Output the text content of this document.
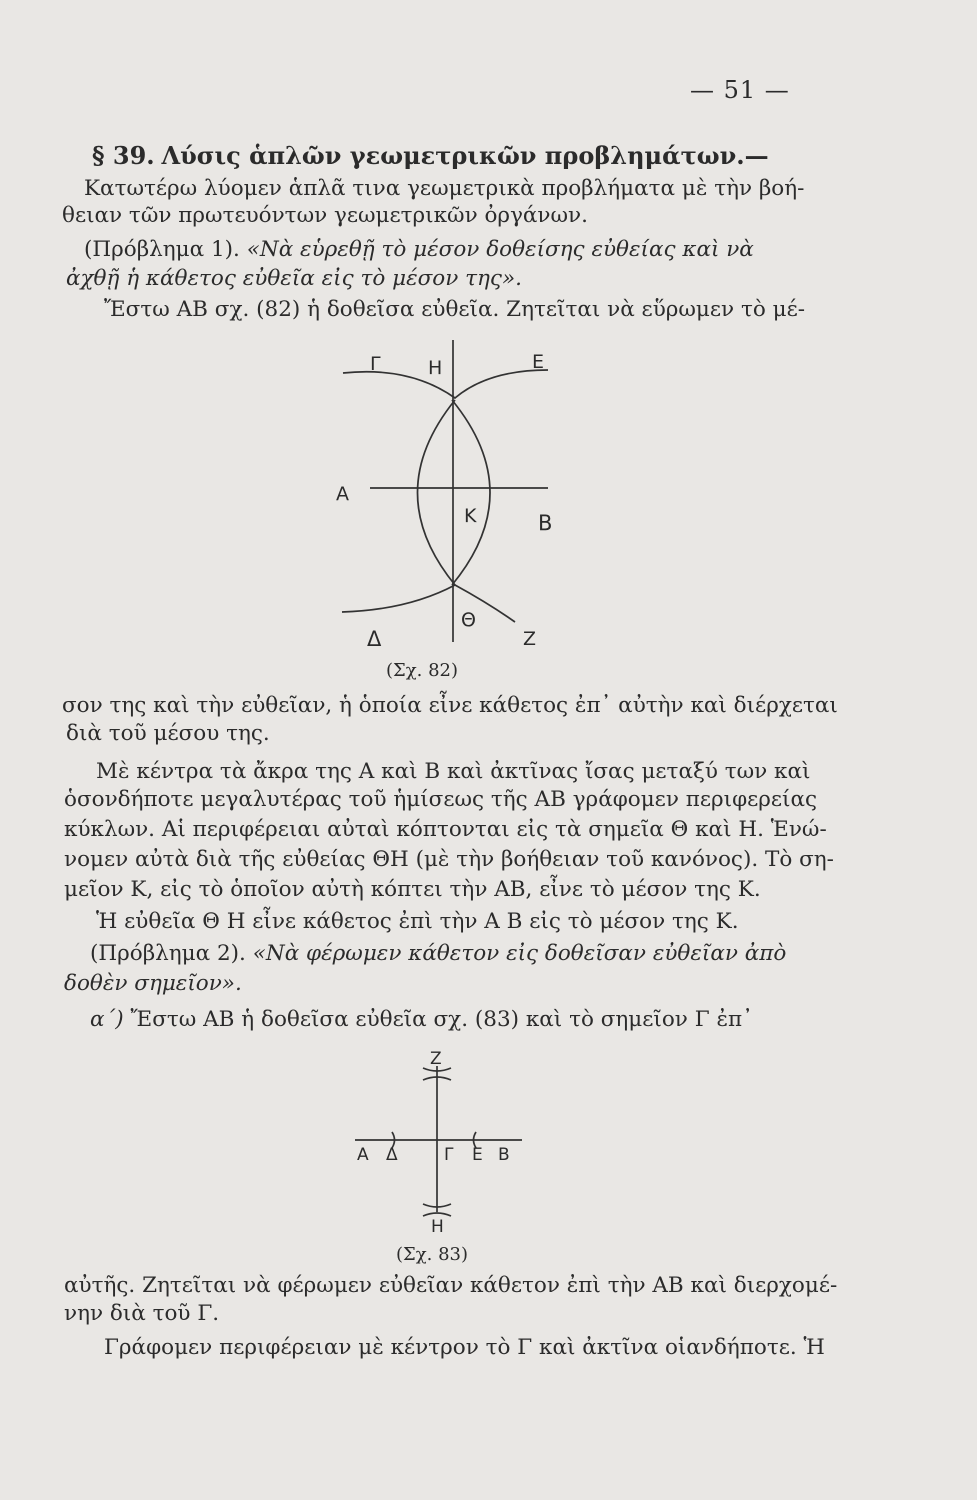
— 51 —
§ 39. Λύσις ἁπλῶν γεωμετρικῶν προβλημάτων.—
Κατωτέρω λύομεν ἁπλᾶ τινα γεωμετρικὰ προβλήματα μὲ τὴν βοή-
θειαν τῶν πρωτευόντων γεωμετρικῶν ὀργάνων.
(Πρόβλημα 1). «Νὰ εὑρεθῇ τὸ μέσον δοθείσης εὐθείας καὶ νὰ
ἀχθῇ ἡ κάθετος εὐθεῖα εἰς τὸ μέσον της».
Ἔστω ΑΒ σχ. (82) ἡ δοθεῖσα εὐθεῖα. Ζητεῖται νὰ εὕρωμεν τὸ μέ-
Γ Η	Ε
Α
Κ	Β
Δ
Θ
Ζ
Ζ
Α Δ	Γ Ε Β
Η
(Σχ. 82)
σον της καὶ τὴν εὐθεῖαν, ἡ ὁποία εἶνε κάθετος ἐπ᾿ αὐτὴν καὶ διέρχεται
διὰ τοῦ μέσου της.
Μὲ κέντρα τὰ ἄκρα της Α καὶ Β καὶ ἀκτῖνας ἴσας μεταξύ των καὶ
ὁσονδήποτε μεγαλυτέρας τοῦ ἡμίσεως τῆς ΑΒ γράφομεν περιφερείας
κύκλων. Αἱ περιφέρειαι αὐταὶ κόπτονται εἰς τὰ σημεῖα Θ καὶ Η. Ἑνώ-
νομεν αὐτὰ διὰ τῆς εὐθείας ΘΗ (μὲ τὴν βοήθειαν τοῦ κανόνος). Τὸ ση-
μεῖον Κ, εἰς τὸ ὁποῖον αὐτὴ κόπτει τὴν ΑΒ, εἶνε τὸ μέσον της Κ.
Ἡ εὐθεῖα Θ Η εἶνε κάθετος ἐπὶ τὴν Α Β εἰς τὸ μέσον της Κ.
(Πρόβλημα 2). «Νὰ φέρωμεν κάθετον εἰς δοθεῖσαν εὐθεῖαν ἀπὸ
δοθὲν σημεῖον».
α΄) Ἔστω ΑΒ ἡ δοθεῖσα εὐθεῖα σχ. (83) καὶ τὸ σημεῖον Γ ἐπ᾿
(Σχ. 83)
αὐτῆς. Ζητεῖται νὰ φέρωμεν εὐθεῖαν κάθετον ἐπὶ τὴν ΑΒ καὶ διερχομέ-
νην διὰ τοῦ Γ.
Γράφομεν περιφέρειαν μὲ κέντρον τὸ Γ καὶ ἀκτῖνα οἱανδήποτε. Ἡ
